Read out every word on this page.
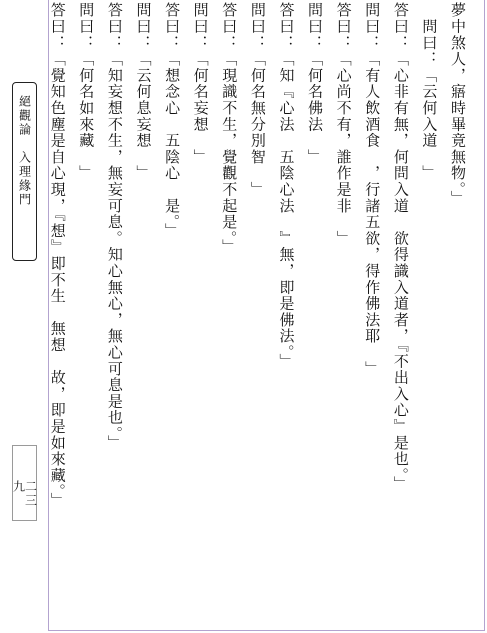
絕觀論　入理緣門
二三九
夢中煞人，寤時畢竟無物。」
　問曰：「云何入道　」
答曰：「心非有無，何問入道　欲得識入道者，『不出入心』是也。」
問曰：「有人飲酒食　，行諸五欲，得作佛法耶　」
答曰：「心尚不有，誰作是非　」
問曰：「何名佛法　」
答曰：「知『心法　五陰心法　』無，即是佛法。」
問曰：「何名無分別智　」
答曰：「現識不生，覺觀不起是。」
問曰：「何名妄想　」
答曰：「想念心　五陰心　是。」
問曰：「云何息妄想　」
答曰：「知妄想不生，無妄可息。知心無心，無心可息是也。」
問曰：「何名如來藏　」
答曰：「覺知色塵是自心現，『想』即不生　無想　故，即是如來藏。」
